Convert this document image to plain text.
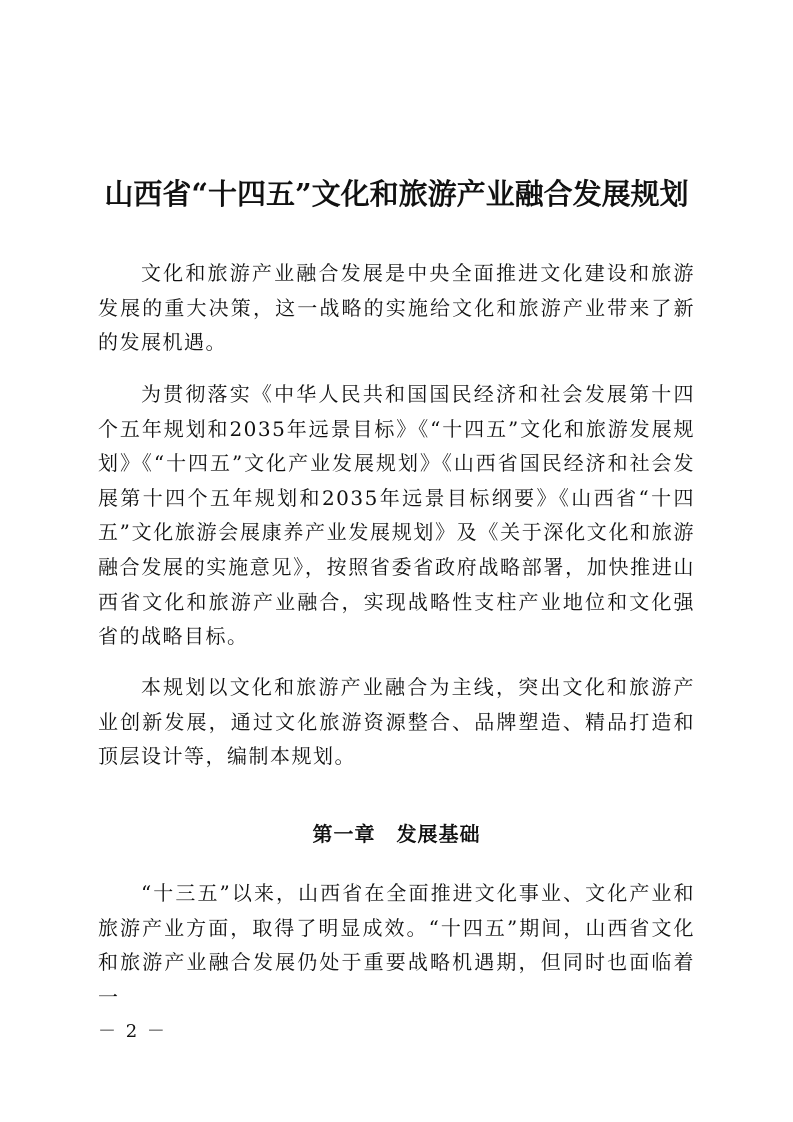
山西省“十四五”文化和旅游产业融合发展规划

文化和旅游产业融合发展是中央全面推进文化建设和旅游发展的重大决策，这一战略的实施给文化和旅游产业带来了新的发展机遇。

为贯彻落实《中华人民共和国国民经济和社会发展第十四个五年规划和2035年远景目标》《“十四五”文化和旅游发展规划》《“十四五”文化产业发展规划》《山西省国民经济和社会发展第十四个五年规划和2035年远景目标纲要》《山西省“十四五”文化旅游会展康养产业发展规划》及《关于深化文化和旅游融合发展的实施意见》，按照省委省政府战略部署，加快推进山西省文化和旅游产业融合，实现战略性支柱产业地位和文化强省的战略目标。

本规划以文化和旅游产业融合为主线，突出文化和旅游产业创新发展，通过文化旅游资源整合、品牌塑造、精品打造和顶层设计等，编制本规划。

第一章　发展基础

“十三五”以来，山西省在全面推进文化事业、文化产业和旅游产业方面，取得了明显成效。“十四五”期间，山西省文化和旅游产业融合发展仍处于重要战略机遇期，但同时也面临着一

－ 2 －
